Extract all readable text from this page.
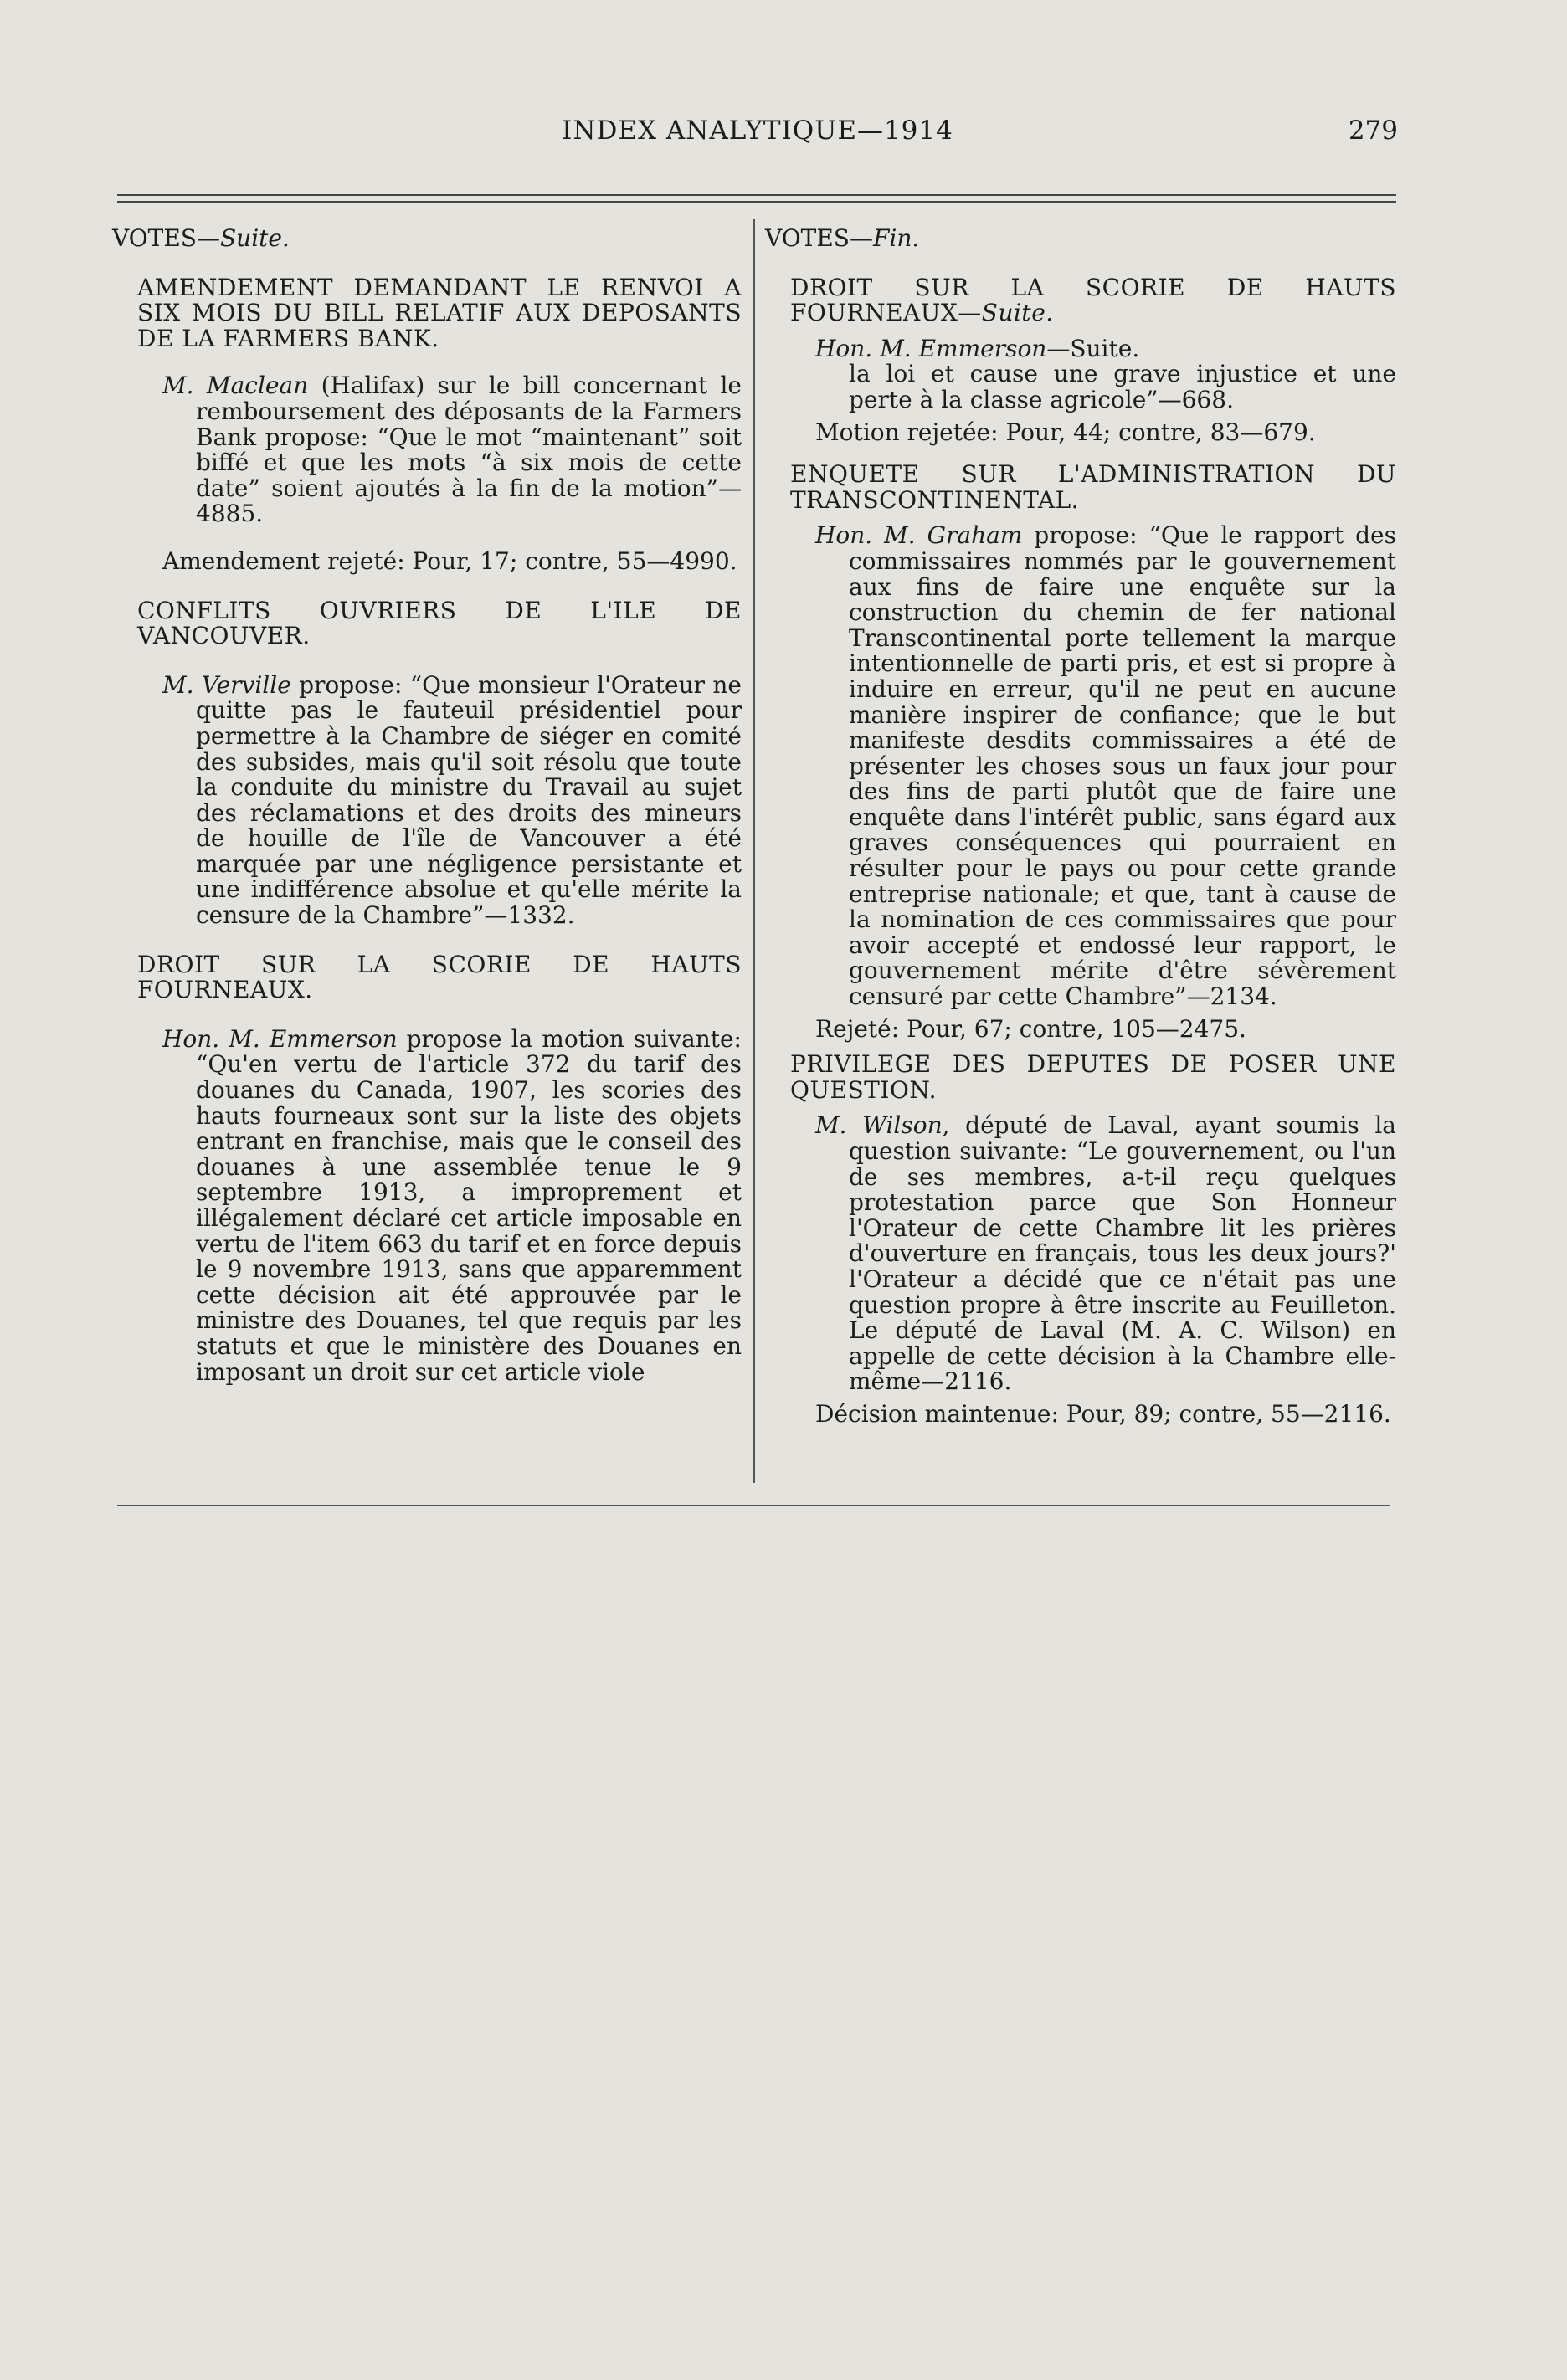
INDEX ANALYTIQUE—1914	279
VOTES—Suite.
AMENDEMENT DEMANDANT LE RENVOI A SIX MOIS DU BILL RELATIF AUX DEPOSANTS DE LA FARMERS BANK.
M. Maclean (Halifax) sur le bill concernant le remboursement des déposants de la Farmers Bank propose: “Que le mot “maintenant” soit biffé et que les mots “à six mois de cette date” soient ajoutés à la fin de la motion”—4885.
Amendement rejeté: Pour, 17; contre, 55—4990.
CONFLITS OUVRIERS DE L'ILE DE VANCOUVER.
M. Verville propose: “Que monsieur l'Orateur ne quitte pas le fauteuil présidentiel pour permettre à la Chambre de siéger en comité des subsides, mais qu'il soit résolu que toute la conduite du ministre du Travail au sujet des réclamations et des droits des mineurs de houille de l'île de Vancouver a été marquée par une négligence persistante et une indifférence absolue et qu'elle mérite la censure de la Chambre”—1332.
DROIT SUR LA SCORIE DE HAUTS FOURNEAUX.
Hon. M. Emmerson propose la motion suivante: “Qu'en vertu de l'article 372 du tarif des douanes du Canada, 1907, les scories des hauts fourneaux sont sur la liste des objets entrant en franchise, mais que le conseil des douanes à une assemblée tenue le 9 septembre 1913, a improprement et illégalement déclaré cet article imposable en vertu de l'item 663 du tarif et en force depuis le 9 novembre 1913, sans que apparemment cette décision ait été approuvée par le ministre des Douanes, tel que requis par les statuts et que le ministère des Douanes en imposant un droit sur cet article viole
VOTES—Fin.
DROIT SUR LA SCORIE DE HAUTS FOURNEAUX—Suite.
Hon. M. Emmerson—Suite.
la loi et cause une grave injustice et une perte à la classe agricole”—668.
Motion rejetée: Pour, 44; contre, 83—679.
ENQUETE SUR L'ADMINISTRATION DU TRANSCONTINENTAL.
Hon. M. Graham propose: “Que le rapport des commissaires nommés par le gouvernement aux fins de faire une enquête sur la construction du chemin de fer national Transcontinental porte tellement la marque intentionnelle de parti pris, et est si propre à induire en erreur, qu'il ne peut en aucune manière inspirer de confiance; que le but manifeste desdits commissaires a été de présenter les choses sous un faux jour pour des fins de parti plutôt que de faire une enquête dans l'intérêt public, sans égard aux graves conséquences qui pourraient en résulter pour le pays ou pour cette grande entreprise nationale; et que, tant à cause de la nomination de ces commissaires que pour avoir accepté et endossé leur rapport, le gouvernement mérite d'être sévèrement censuré par cette Chambre”—2134.
Rejeté: Pour, 67; contre, 105—2475.
PRIVILEGE DES DEPUTES DE POSER UNE QUESTION.
M. Wilson, député de Laval, ayant soumis la question suivante: “Le gouvernement, ou l'un de ses membres, a-t-il reçu quelques protestation parce que Son Honneur l'Orateur de cette Chambre lit les prières d'ouverture en français, tous les deux jours?' l'Orateur a décidé que ce n'était pas une question propre à être inscrite au Feuilleton. Le député de Laval (M. A. C. Wilson) en appelle de cette décision à la Chambre elle-même—2116.
Décision maintenue: Pour, 89; contre, 55—2116.
